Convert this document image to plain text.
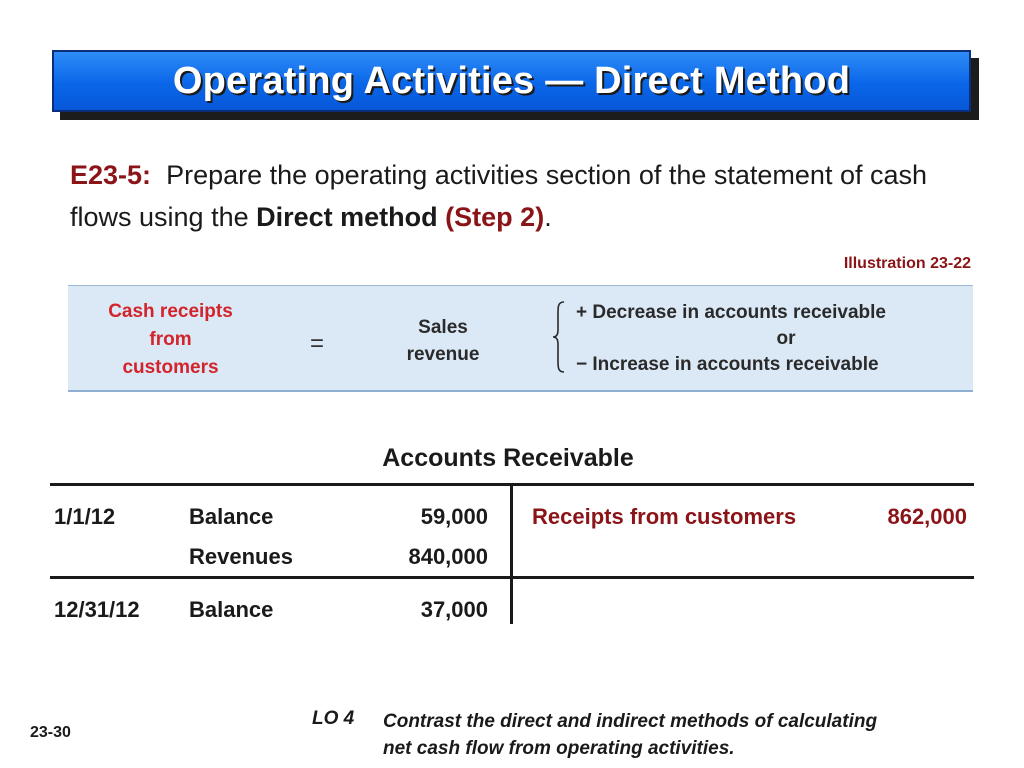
Operating Activities — Direct Method
E23-5: Prepare the operating activities section of the statement of cash flows using the Direct method (Step 2).
Illustration 23-22
Cash receipts
from
customers
=
Sales
revenue
+ Decrease in accounts receivable
or
− Increase in accounts receivable
Accounts Receivable
1/1/12	Balance	59,000
Revenues	840,000
Receipts from customers	862,000
12/31/12 Balance	37,000
23-30
LO 4 Contrast the direct and indirect methods of calculating
net cash flow from operating activities.
